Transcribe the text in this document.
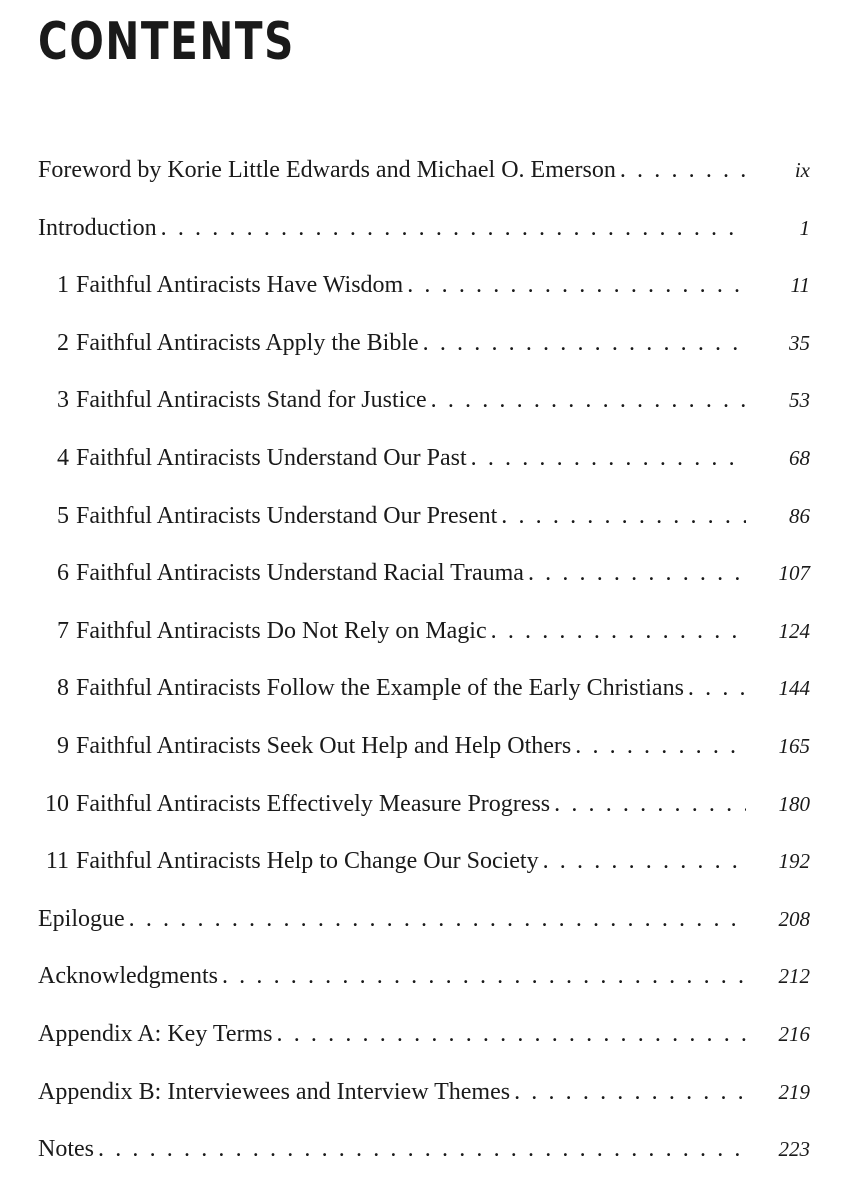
CONTENTS
Foreword by Korie Little Edwards and Michael O. Emerson . . .	ix
Introduction . . .	1
1 Faithful Antiracists Have Wisdom . . .	11
2 Faithful Antiracists Apply the Bible . . .	35
3 Faithful Antiracists Stand for Justice . . .	53
4 Faithful Antiracists Understand Our Past . . .	68
5 Faithful Antiracists Understand Our Present . . .	86
6 Faithful Antiracists Understand Racial Trauma . . .	107
7 Faithful Antiracists Do Not Rely on Magic . . .	124
8 Faithful Antiracists Follow the Example of the Early Christians . . .	144
9 Faithful Antiracists Seek Out Help and Help Others . . .	165
10 Faithful Antiracists Effectively Measure Progress . . .	180
11 Faithful Antiracists Help to Change Our Society . . .	192
Epilogue . . .	208
Acknowledgments . . .	212
Appendix A: Key Terms . . .	216
Appendix B: Interviewees and Interview Themes . . .	219
Notes . . .	223
